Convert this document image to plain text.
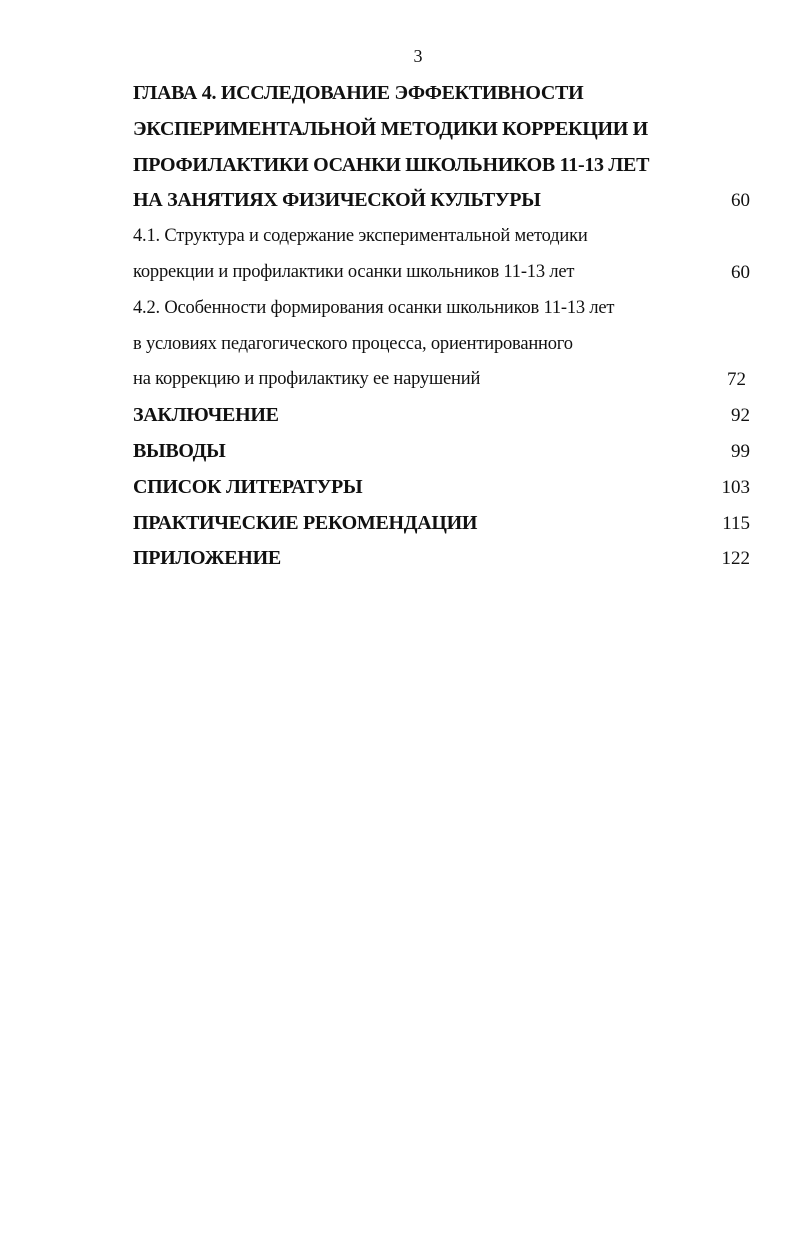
3
ГЛАВА 4. ИССЛЕДОВАНИЕ ЭФФЕКТИВНОСТИ
ЭКСПЕРИМЕНТАЛЬНОЙ МЕТОДИКИ КОРРЕКЦИИ И
ПРОФИЛАКТИКИ ОСАНКИ ШКОЛЬНИКОВ 11-13 ЛЕТ
НА ЗАНЯТИЯХ ФИЗИЧЕСКОЙ КУЛЬТУРЫ	60
4.1. Структура и содержание экспериментальной методики
коррекции и профилактики осанки школьников 11-13 лет	60
4.2. Особенности формирования осанки школьников 11-13 лет
в условиях педагогического процесса, ориентированного
на коррекцию и профилактику ее нарушений	72
ЗАКЛЮЧЕНИЕ	92
ВЫВОДЫ	99
СПИСОК ЛИТЕРАТУРЫ	103
ПРАКТИЧЕСКИЕ РЕКОМЕНДАЦИИ	115
ПРИЛОЖЕНИЕ	122
